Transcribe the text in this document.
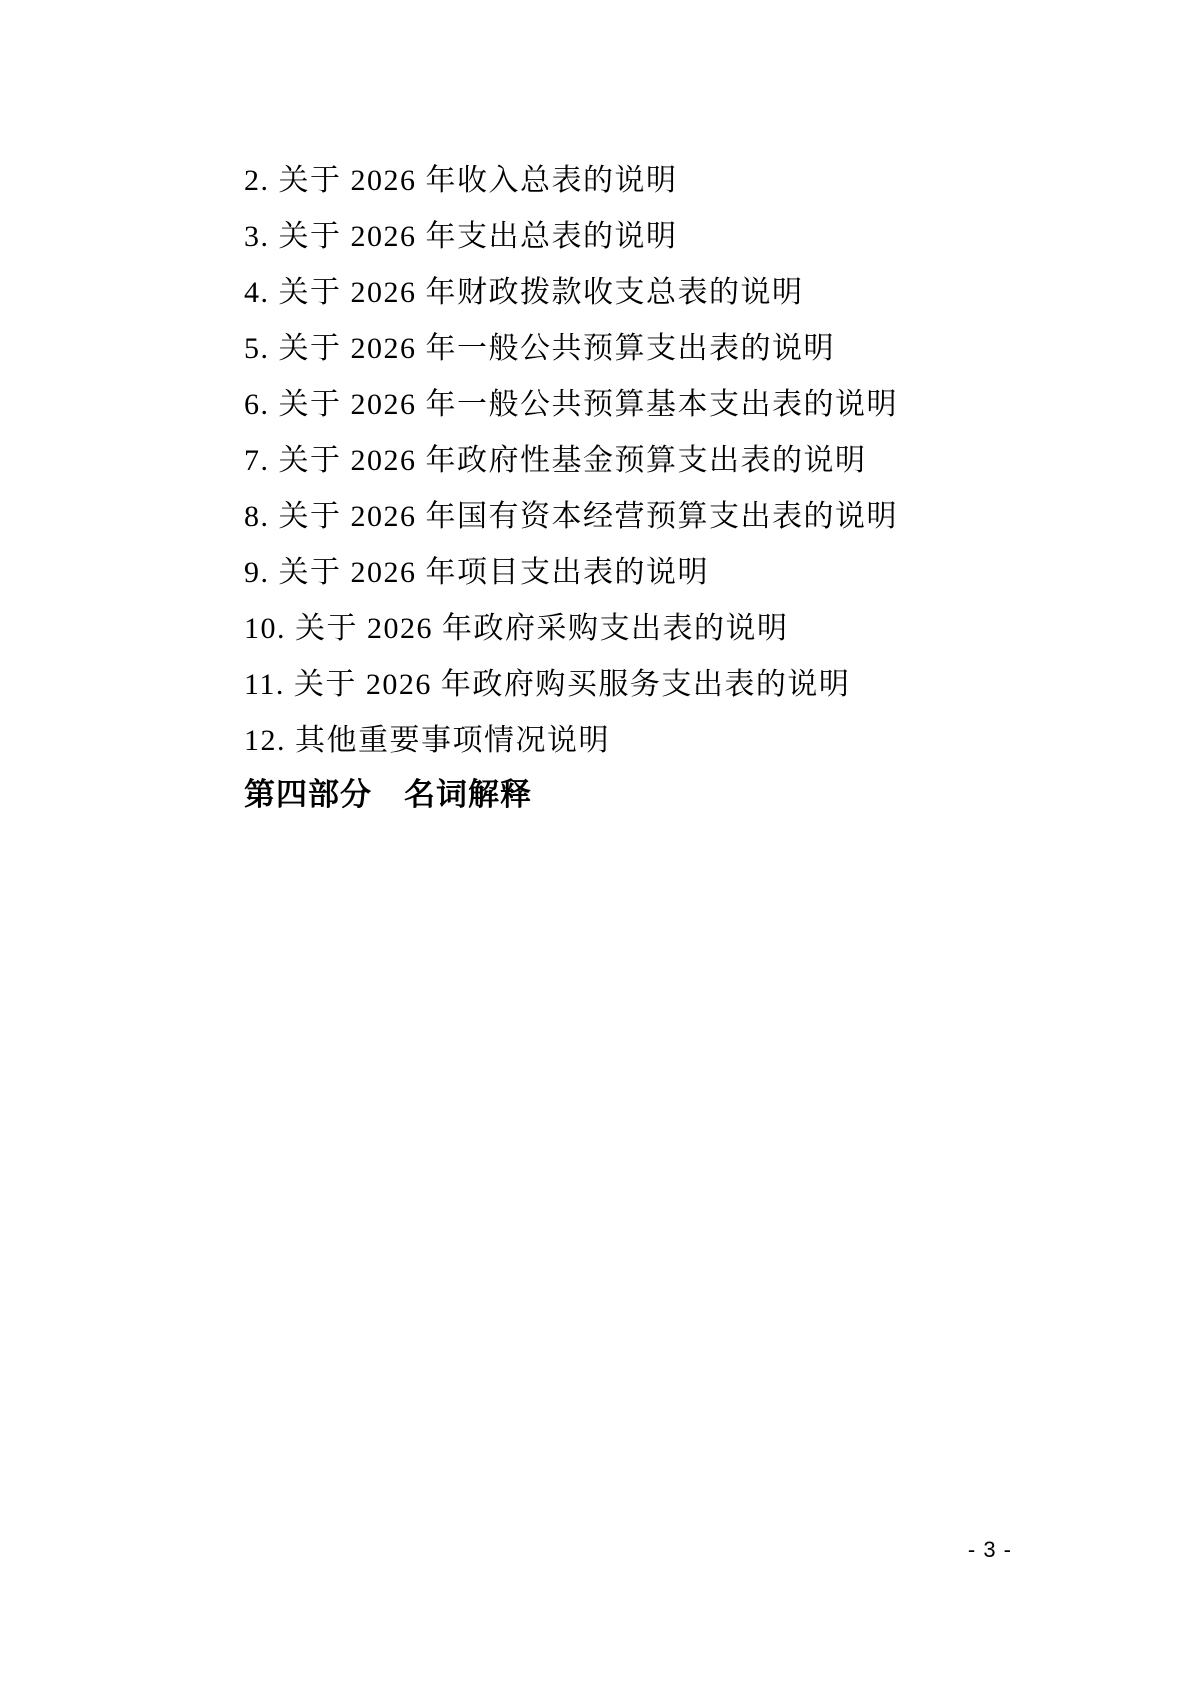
2. 关于 2026 年收入总表的说明
3. 关于 2026 年支出总表的说明
4. 关于 2026 年财政拨款收支总表的说明
5. 关于 2026 年一般公共预算支出表的说明
6. 关于 2026 年一般公共预算基本支出表的说明
7. 关于 2026 年政府性基金预算支出表的说明
8. 关于 2026 年国有资本经营预算支出表的说明
9. 关于 2026 年项目支出表的说明
10. 关于 2026 年政府采购支出表的说明
11. 关于 2026 年政府购买服务支出表的说明
12. 其他重要事项情况说明
第四部分　名词解释
- 3 -
